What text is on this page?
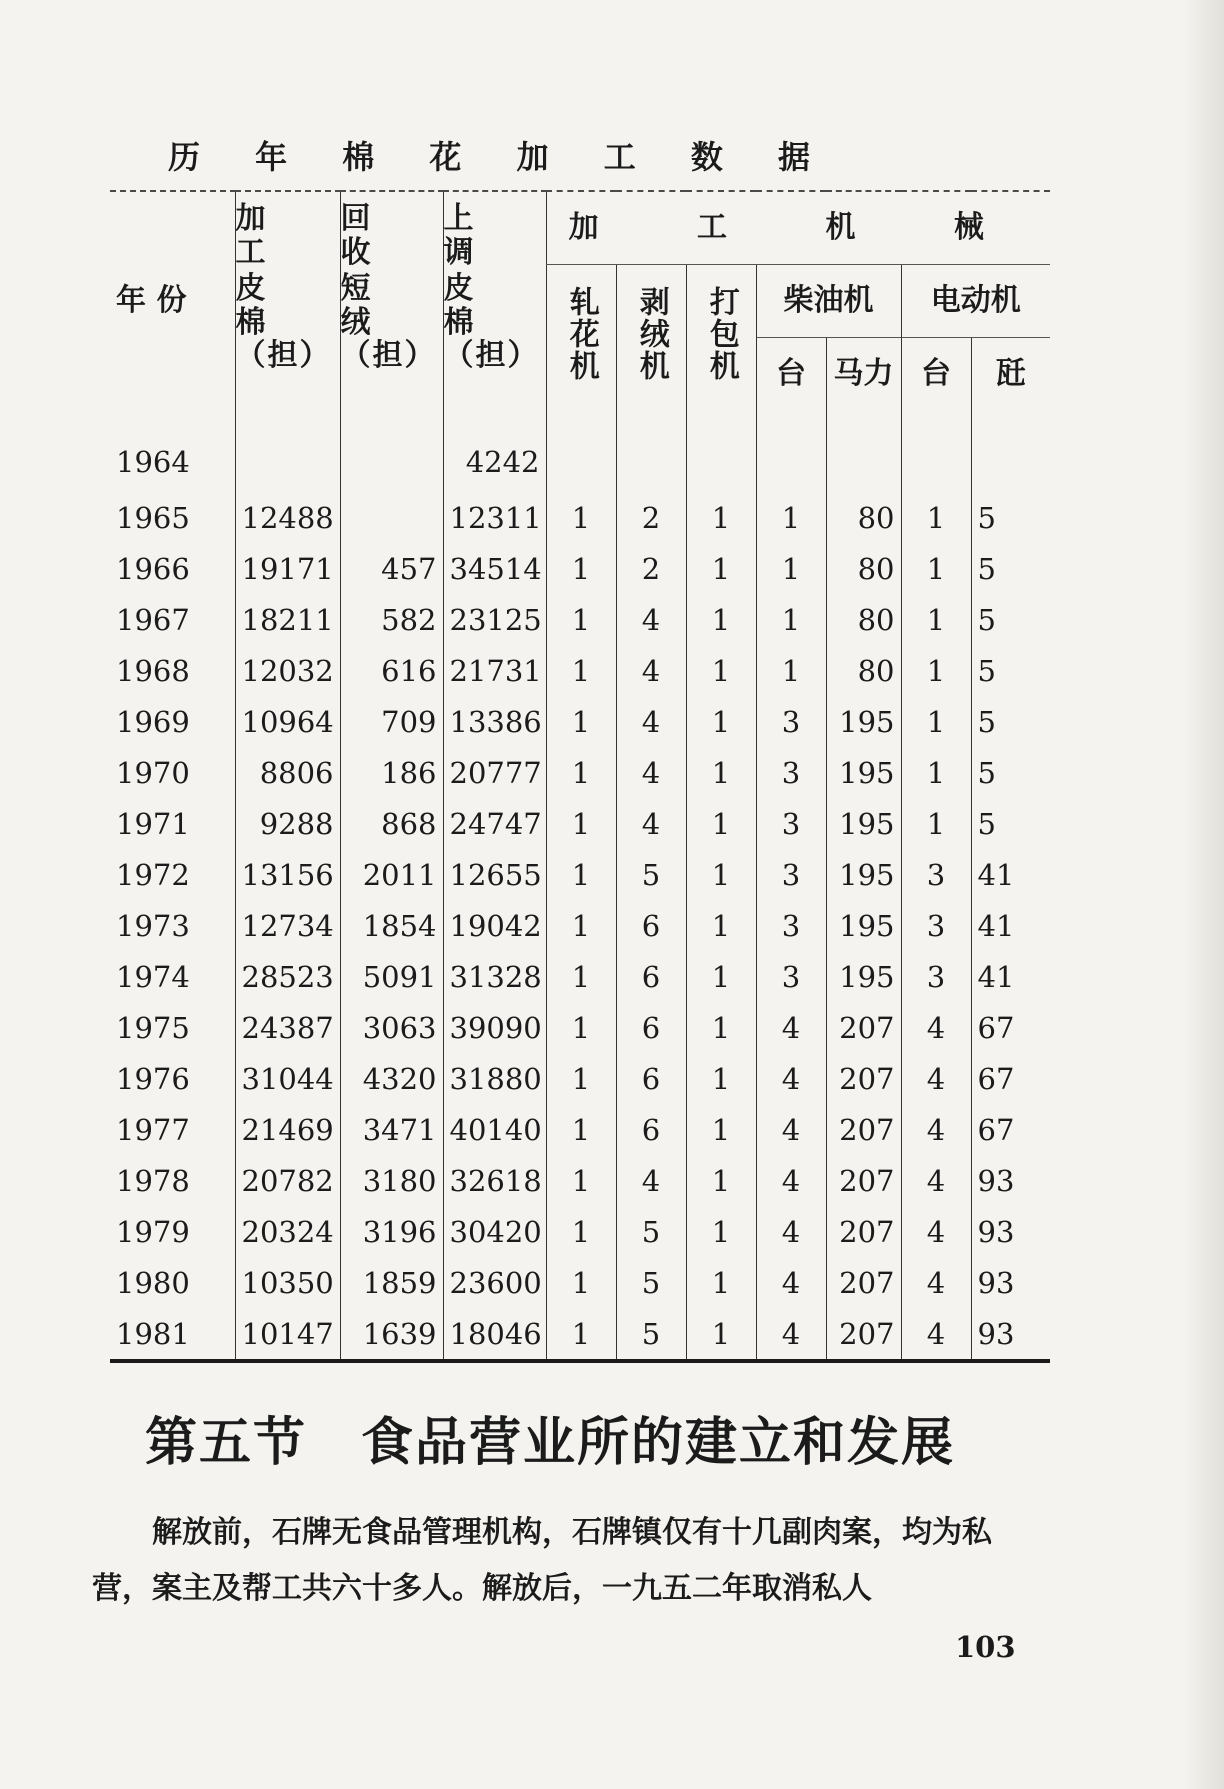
历 年 棉 花 加 工 数 据
年 份	加工
皮棉
（担）	回收
短绒
（担）	上调
皮棉
（担）	加 工 机 械						
				轧花机	剥绒机	打包机	柴油机		电动机	
							台	马力	台	瓩
1964			4242							
1965	12488		12311	1	2	1	1	80	1	5
1966	19171	457	34514	1	2	1	1	80	1	5
1967	18211	582	23125	1	4	1	1	80	1	5
1968	12032	616	21731	1	4	1	1	80	1	5
1969	10964	709	13386	1	4	1	3	195	1	5
1970	8806	186	20777	1	4	1	3	195	1	5
1971	9288	868	24747	1	4	1	3	195	1	5
1972	13156	2011	12655	1	5	1	3	195	3	41
1973	12734	1854	19042	1	6	1	3	195	3	41
1974	28523	5091	31328	1	6	1	3	195	3	41
1975	24387	3063	39090	1	6	1	4	207	4	67
1976	31044	4320	31880	1	6	1	4	207	4	67
1977	21469	3471	40140	1	6	1	4	207	4	67
1978	20782	3180	32618	1	4	1	4	207	4	93
1979	20324	3196	30420	1	5	1	4	207	4	93
1980	10350	1859	23600	1	5	1	4	207	4	93
1981	10147	1639	18046	1	5	1	4	207	4	93
第五节　食品营业所的建立和发展

　　解放前，石牌无食品管理机构，石牌镇仅有十几副肉案，均为私营，案主及帮工共六十多人。解放后，一九五二年取消私人

103
